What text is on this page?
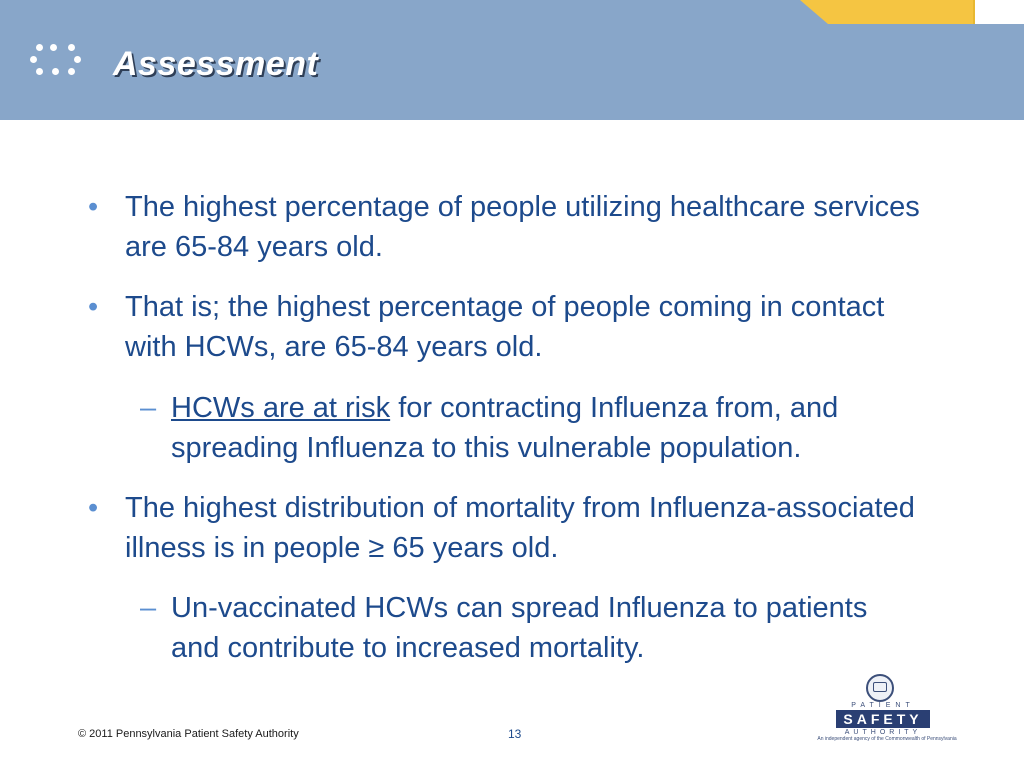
Assessment
• The highest percentage of people utilizing healthcare services are 65-84 years old.
• That is; the highest percentage of people coming in contact with HCWs, are 65-84 years old.
– HCWs are at risk for contracting Influenza from, and spreading Influenza to this vulnerable population.
• The highest distribution of mortality from Influenza-associated illness is in people ≥ 65 years old.
– Un-vaccinated HCWs can spread Influenza to patients and contribute to increased mortality.
© 2011 Pennsylvania Patient Safety Authority	13
PATIENT
SAFETY
AUTHORITY
An independent agency of the Commonwealth of Pennsylvania
